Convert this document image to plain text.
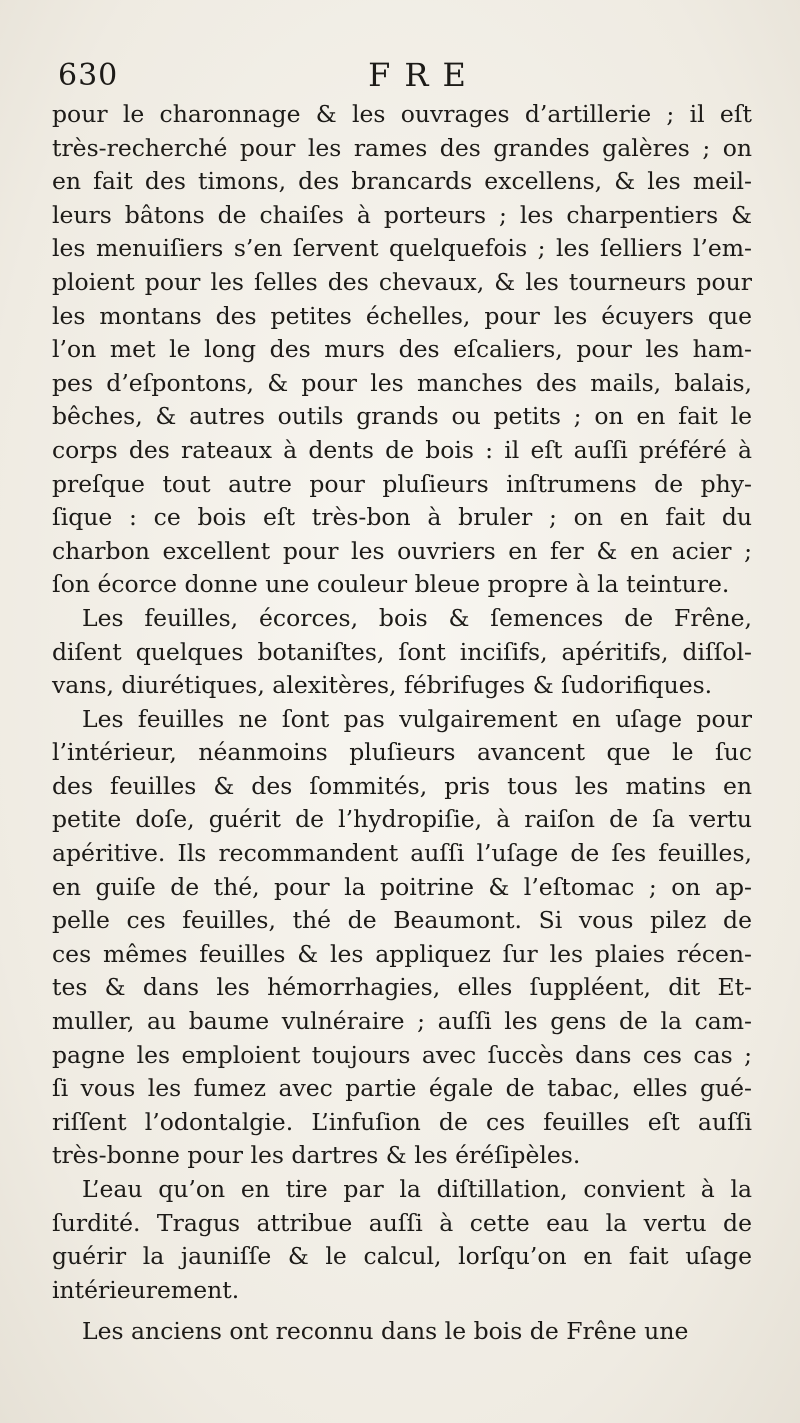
630	FRE
pour le charonnage & les ouvrages d’artillerie ; il eſt
très-recherché pour les rames des grandes galères ; on
en fait des timons, des brancards excellens, & les meil-
leurs bâtons de chaiſes à porteurs ; les charpentiers &
les menuiſiers s’en ſervent quelquefois ; les ſelliers l’em-
ploient pour les ſelles des chevaux, & les tourneurs pour
les montans des petites échelles, pour les écuyers que
l’on met le long des murs des eſcaliers, pour les ham-
pes d’eſpontons, & pour les manches des mails, balais,
bêches, & autres outils grands ou petits ; on en fait le
corps des rateaux à dents de bois : il eſt auſſi préféré à
preſque tout autre pour pluſieurs inſtrumens de phy-
ſique : ce bois eſt très-bon à bruler ; on en fait du
charbon excellent pour les ouvriers en fer & en acier ;
ſon écorce donne une couleur bleue propre à la teinture.
Les feuilles, écorces, bois & ſemences de Frêne,
diſent quelques botaniſtes, ſont inciſifs, apéritifs, diſſol-
vans, diurétiques, alexitères, fébrifuges & ſudorifiques.
Les feuilles ne ſont pas vulgairement en uſage pour
l’intérieur, néanmoins pluſieurs avancent que le ſuc
des feuilles & des ſommités, pris tous les matins en
petite doſe, guérit de l’hydropiſie, à raiſon de ſa vertu
apéritive. Ils recommandent auſſi l’uſage de ſes feuilles,
en guiſe de thé, pour la poitrine & l’eſtomac ; on ap-
pelle ces feuilles, thé de Beaumont. Si vous pilez de
ces mêmes feuilles & les appliquez ſur les plaies récen-
tes & dans les hémorrhagies, elles ſuppléent, dit Et-
muller, au baume vulnéraire ; auſſi les gens de la cam-
pagne les emploient toujours avec ſuccès dans ces cas ;
ſi vous les fumez avec partie égale de tabac, elles gué-
riſſent l’odontalgie. L’infuſion de ces feuilles eſt auſſi
très-bonne pour les dartres & les éréſipèles.
L’eau qu’on en tire par la diſtillation, convient à la
ſurdité. Tragus attribue auſſi à cette eau la vertu de
guérir la jauniſſe & le calcul, lorſqu’on en fait uſage
intérieurement.
Les anciens ont reconnu dans le bois de Frêne une
